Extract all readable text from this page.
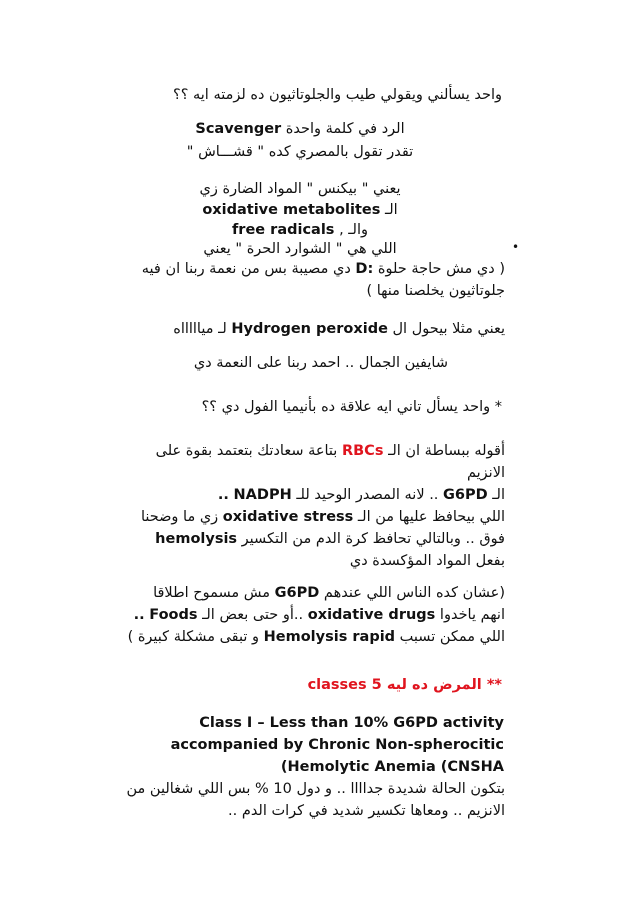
واحد يسألني ويقولي طيب والجلوتاثيون ده لزمته ايه ؟؟
الرد في كلمة واحدة Scavenger
تقدر تقول بالمصري كده " قشـــاش "
يعني " بيكنس " المواد الضارة زي
الـ oxidative metabolites
والـ , free radicals
اللي هي " الشوارد الحرة " يعني	•
( دي مش حاجة حلوة D: دي مصيبة بس من نعمة ربنا ان فيه
جلوتاثيون يخلصنا منها )
يعني مثلا بيحول ال Hydrogen peroxide لـ مياااااه
شايفين الجمال .. احمد ربنا على النعمة دي
* واحد يسأل تاني ايه علاقة ده بأنيميا الفول دي ؟؟
أقوله ببساطة ان الـ RBCs بتاعة سعادتك بتعتمد بقوة على
الانزيم
الـ G6PD .. لانه المصدر الوحيد للـ NADPH ..
اللي بيحافظ عليها من الـ oxidative stress زي ما وضحنا
فوق .. وبالتالي تحافظ كرة الدم من التكسير hemolysis
بفعل المواد المؤكسدة دي
(عشان كده الناس اللي عندهم G6PD مش مسموح اطلاقا
انهم ياخدوا oxidative drugs ..أو حتى بعض الـ Foods ..
اللي ممكن تسبب Hemolysis rapid و تبقى مشكلة كبيرة )
** المرض ده ليه classes 5
Class I – Less than 10% G6PD activity
accompanied by Chronic Non-spherocitic
(Hemolytic Anemia (CNSHA
بتكون الحالة شديدة جداااا .. و دول 10 % بس اللي شغالين من
الانزيم .. ومعاها تكسير شديد في كرات الدم ..
